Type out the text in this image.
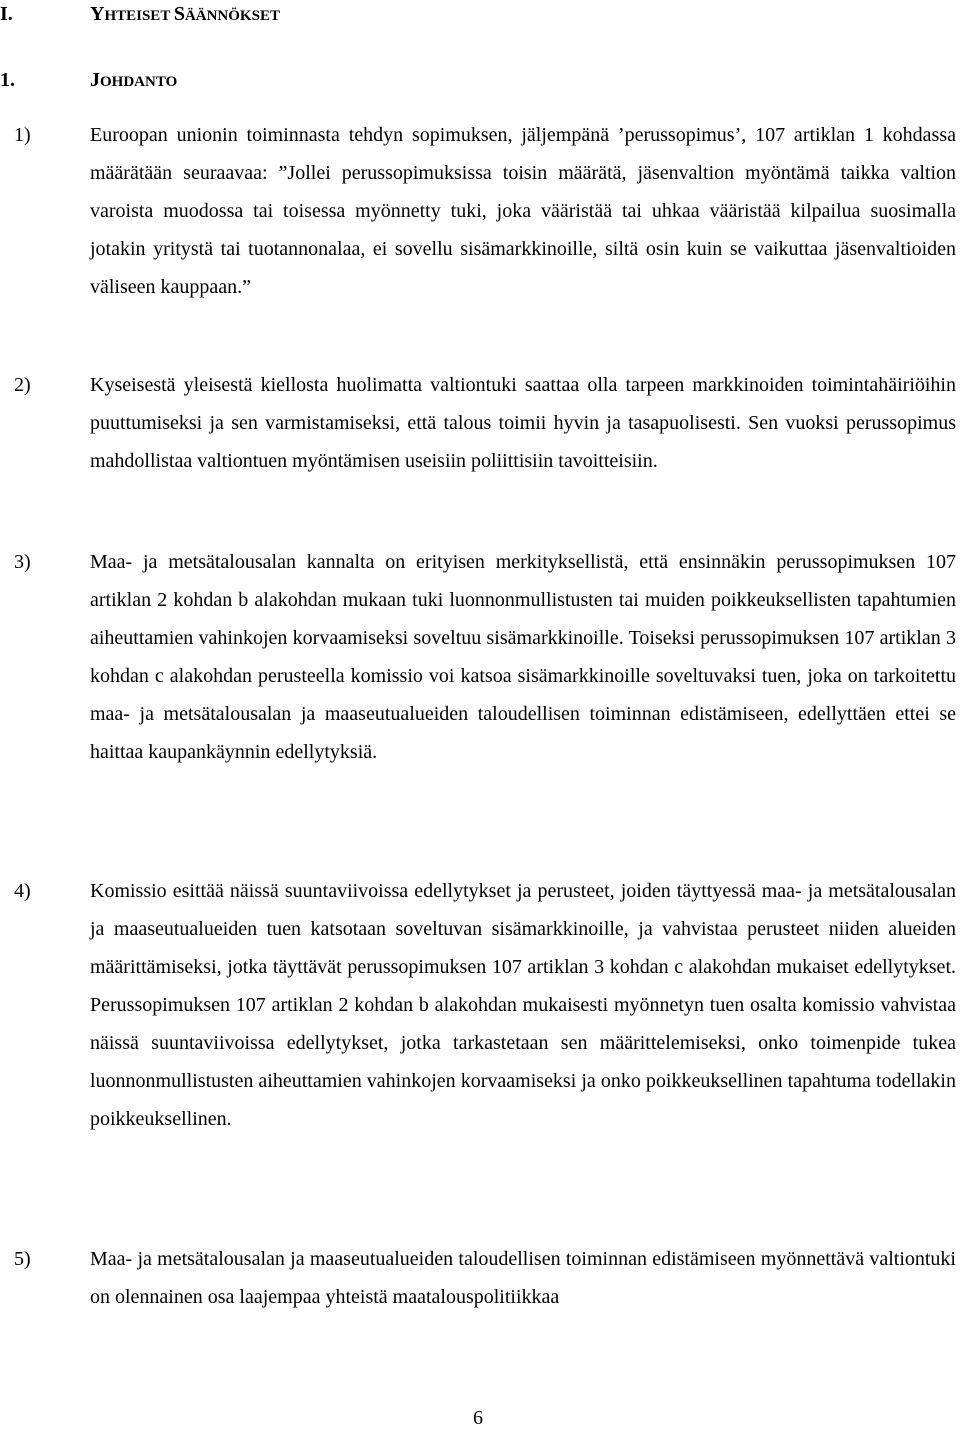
I.	YHTEISET SÄÄNNÖKSET
1.	JOHDANTO
1)	Euroopan unionin toiminnasta tehdyn sopimuksen, jäljempänä ’perussopimus’, 107 artiklan 1 kohdassa määrätään seuraavaa: ”Jollei perussopimuksissa toisin määrätä, jäsenvaltion myöntämä taikka valtion varoista muodossa tai toisessa myönnetty tuki, joka vääristää tai uhkaa vääristää kilpailua suosimalla jotakin yritystä tai tuotannonalaa, ei sovellu sisämarkkinoille, siltä osin kuin se vaikuttaa jäsenvaltioiden väliseen kauppaan.”
2)	Kyseisestä yleisestä kiellosta huolimatta valtiontuki saattaa olla tarpeen markkinoiden toimintahäiriöihin puuttumiseksi ja sen varmistamiseksi, että talous toimii hyvin ja tasapuolisesti. Sen vuoksi perussopimus mahdollistaa valtiontuen myöntämisen useisiin poliittisiin tavoitteisiin.
3)	Maa- ja metsätalousalan kannalta on erityisen merkityksellistä, että ensinnäkin perussopimuksen 107 artiklan 2 kohdan b alakohdan mukaan tuki luonnonmullistusten tai muiden poikkeuksellisten tapahtumien aiheuttamien vahinkojen korvaamiseksi soveltuu sisämarkkinoille. Toiseksi perussopimuksen 107 artiklan 3 kohdan c alakohdan perusteella komissio voi katsoa sisämarkkinoille soveltuvaksi tuen, joka on tarkoitettu maa- ja metsätalousalan ja maaseutualueiden taloudellisen toiminnan edistämiseen, edellyttäen ettei se haittaa kaupankäynnin edellytyksiä.
4)	Komissio esittää näissä suuntaviivoissa edellytykset ja perusteet, joiden täyttyessä maa- ja metsätalousalan ja maaseutualueiden tuen katsotaan soveltuvan sisämarkkinoille, ja vahvistaa perusteet niiden alueiden määrittämiseksi, jotka täyttävät perussopimuksen 107 artiklan 3 kohdan c alakohdan mukaiset edellytykset. Perussopimuksen 107 artiklan 2 kohdan b alakohdan mukaisesti myönnetyn tuen osalta komissio vahvistaa näissä suuntaviivoissa edellytykset, jotka tarkastetaan sen määrittelemiseksi, onko toimenpide tukea luonnonmullistusten aiheuttamien vahinkojen korvaamiseksi ja onko poikkeuksellinen tapahtuma todellakin poikkeuksellinen.
5)	Maa- ja metsätalousalan ja maaseutualueiden taloudellisen toiminnan edistämiseen myönnettävä valtiontuki on olennainen osa laajempaa yhteistä maatalouspolitiikkaa
6
